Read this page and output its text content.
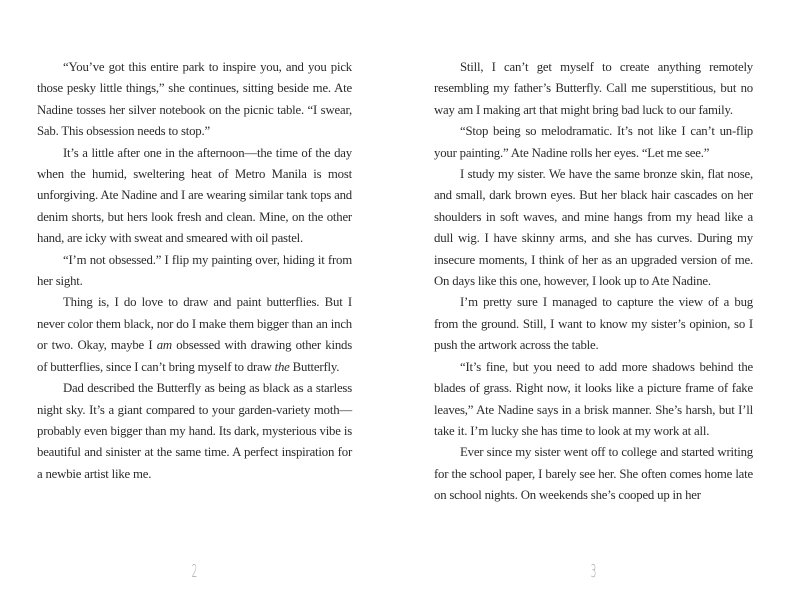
“You’ve got this entire park to inspire you, and you pick those pesky little things,” she continues, sitting beside me. Ate Nadine tosses her silver notebook on the picnic table. “I swear, Sab. This obsession needs to stop.”

It’s a little after one in the afternoon—the time of the day when the humid, sweltering heat of Metro Manila is most unforgiving. Ate Nadine and I are wearing similar tank tops and denim shorts, but hers look fresh and clean. Mine, on the other hand, are icky with sweat and smeared with oil pastel.

“I’m not obsessed.” I flip my painting over, hiding it from her sight.

Thing is, I do love to draw and paint butterflies. But I never color them black, nor do I make them bigger than an inch or two. Okay, maybe I am obsessed with drawing other kinds of butterflies, since I can’t bring myself to draw the Butterfly.

Dad described the Butterfly as being as black as a starless night sky. It’s a giant compared to your garden-variety moth—probably even bigger than my hand. Its dark, mysterious vibe is beautiful and sinister at the same time. A perfect inspiration for a newbie artist like me.

2

Still, I can’t get myself to create anything remotely resembling my father’s Butterfly. Call me superstitious, but no way am I making art that might bring bad luck to our family.

“Stop being so melodramatic. It’s not like I can’t un-flip your painting.” Ate Nadine rolls her eyes. “Let me see.”

I study my sister. We have the same bronze skin, flat nose, and small, dark brown eyes. But her black hair cascades on her shoulders in soft waves, and mine hangs from my head like a dull wig. I have skinny arms, and she has curves. During my insecure moments, I think of her as an upgraded version of me. On days like this one, however, I look up to Ate Nadine.

I’m pretty sure I managed to capture the view of a bug from the ground. Still, I want to know my sister’s opinion, so I push the artwork across the table.

“It’s fine, but you need to add more shadows behind the blades of grass. Right now, it looks like a picture frame of fake leaves,” Ate Nadine says in a brisk manner. She’s harsh, but I’ll take it. I’m lucky she has time to look at my work at all.

Ever since my sister went off to college and started writing for the school paper, I barely see her. She often comes home late on school nights. On weekends she’s cooped up in her

3
